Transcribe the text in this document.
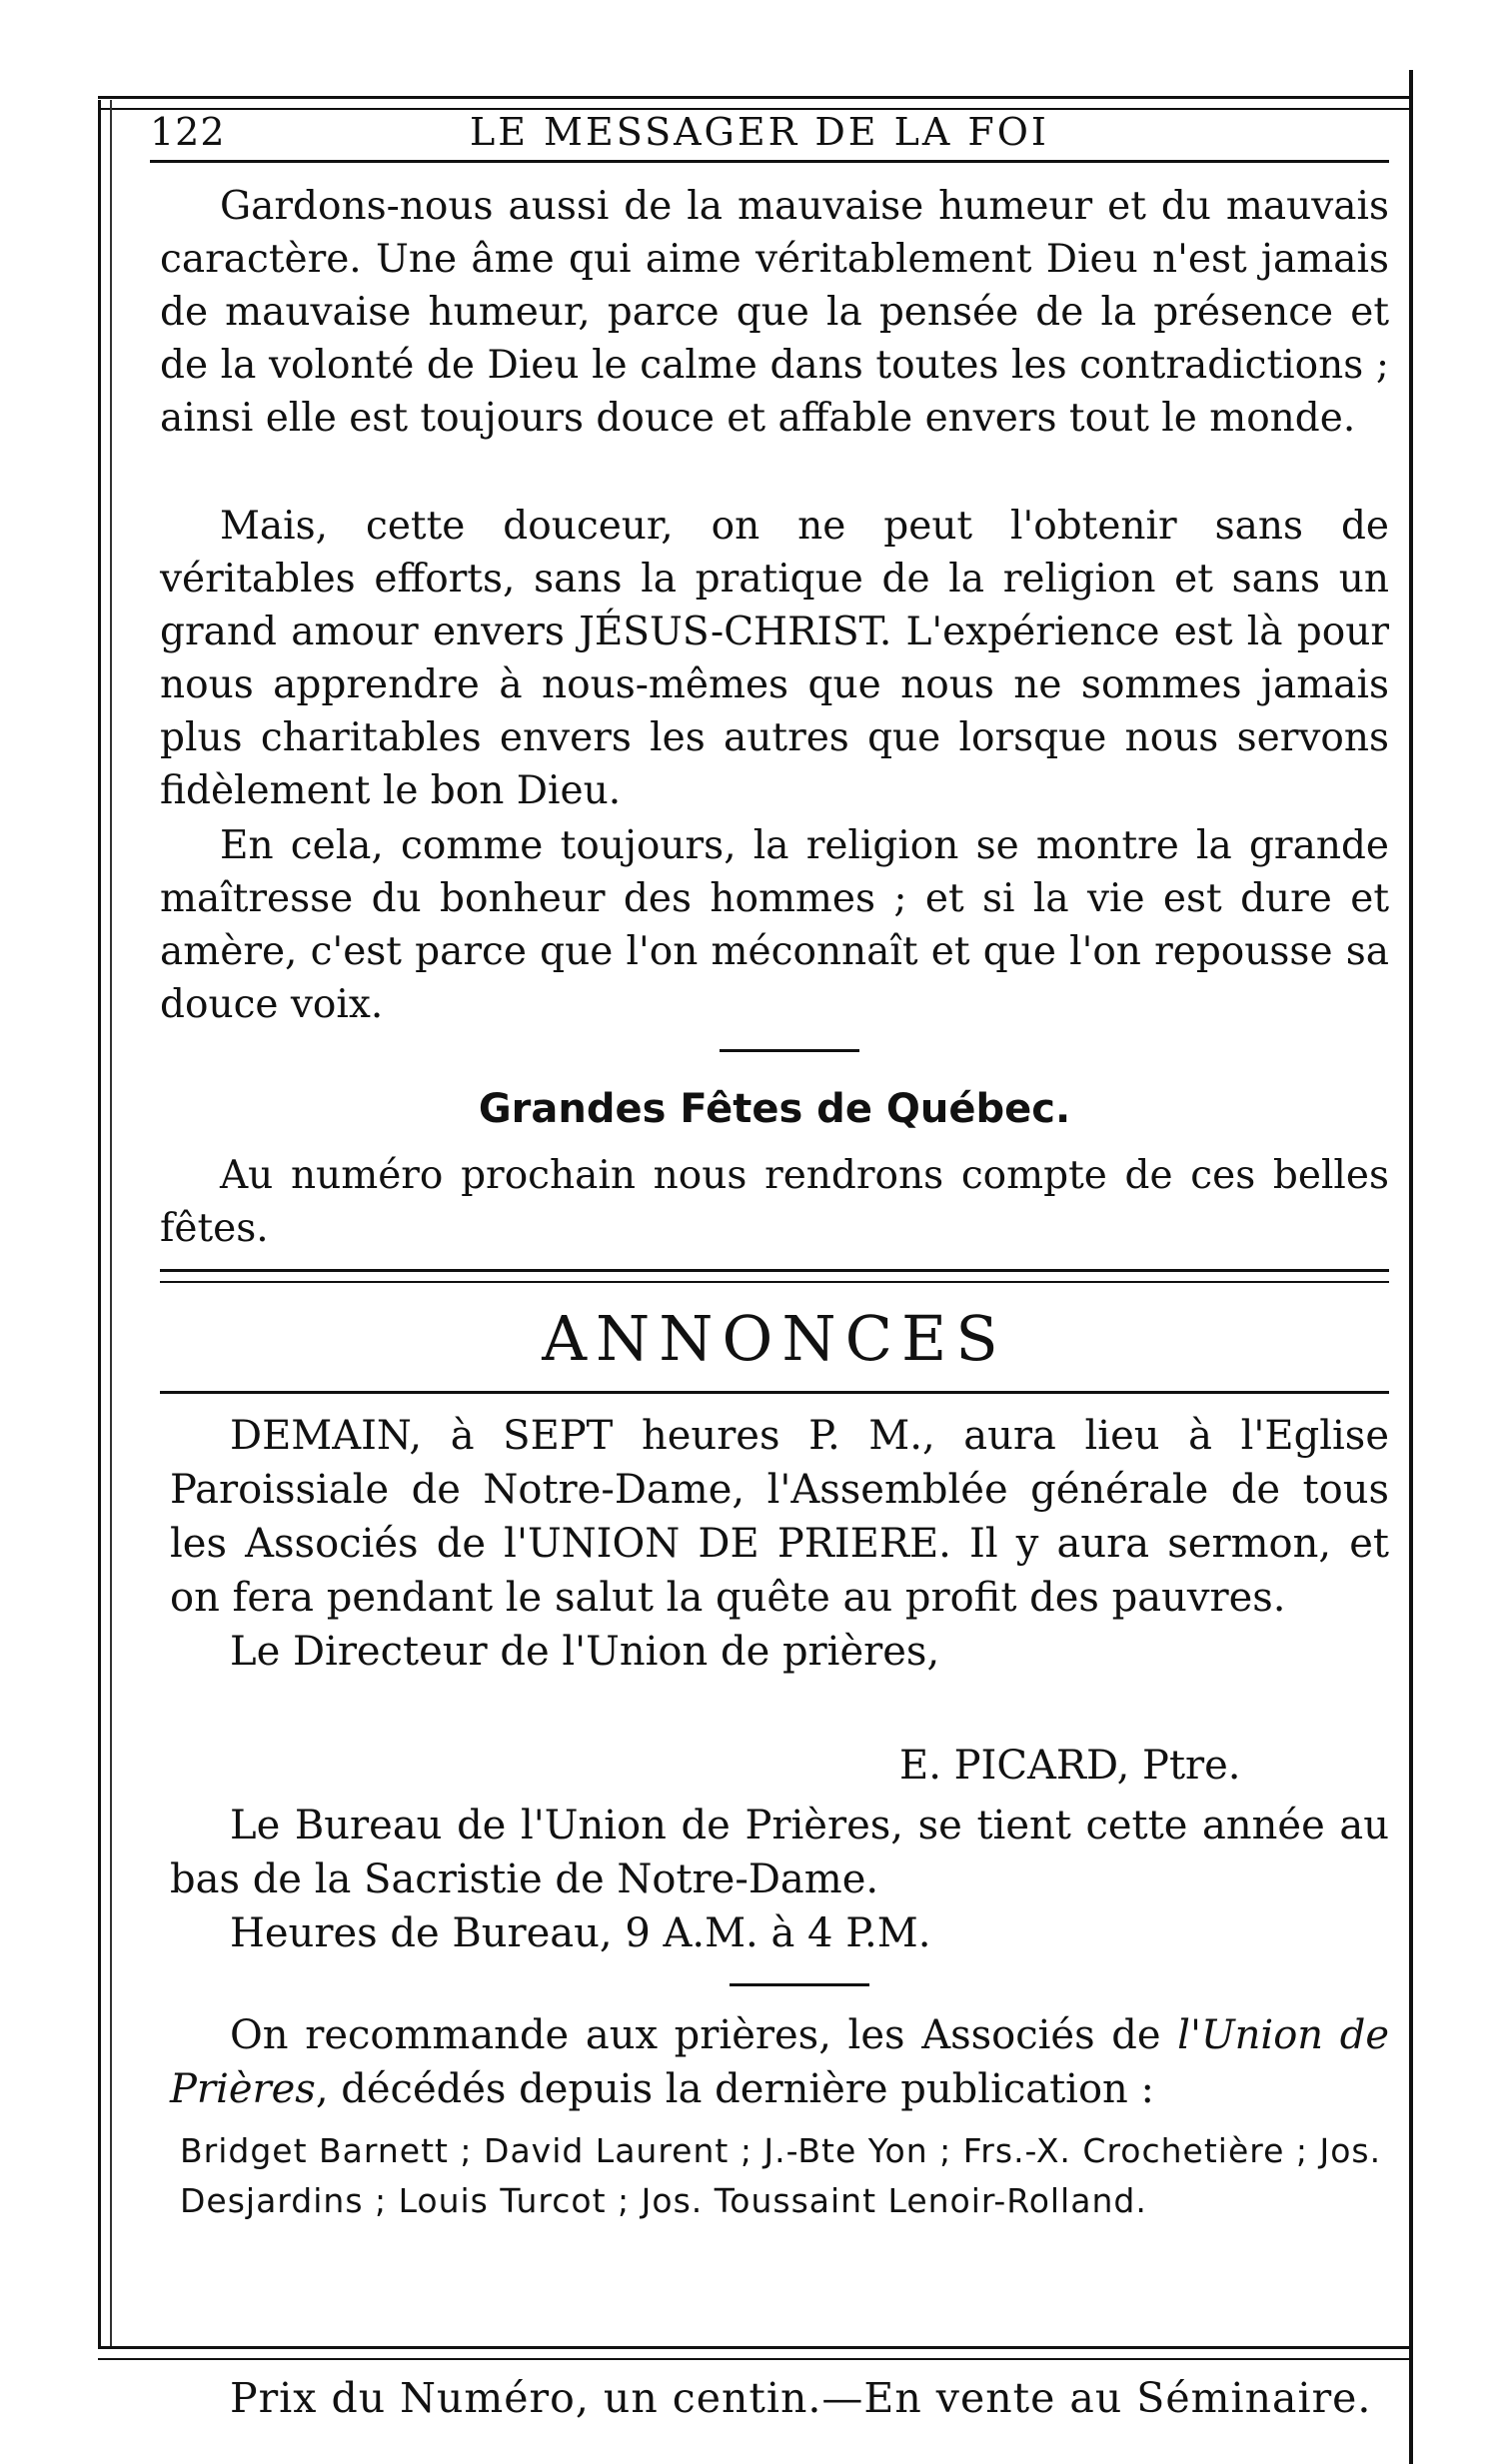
122	LE MESSAGER DE LA FOI

Gardons-nous aussi de la mauvaise humeur et du mauvais caractère. Une âme qui aime véritablement Dieu n'est jamais de mauvaise humeur, parce que la pensée de la présence et de la volonté de Dieu le calme dans toutes les contradictions ; ainsi elle est toujours douce et affable envers tout le monde.

Mais, cette douceur, on ne peut l'obtenir sans de véritables efforts, sans la pratique de la religion et sans un grand amour envers JÉSUS-CHRIST. L'expérience est là pour nous apprendre à nous-mêmes que nous ne sommes jamais plus charitables envers les autres que lorsque nous servons fidèlement le bon Dieu.

En cela, comme toujours, la religion se montre la grande maîtresse du bonheur des hommes ; et si la vie est dure et amère, c'est parce que l'on méconnaît et que l'on repousse sa douce voix.

Grandes Fêtes de Québec.

Au numéro prochain nous rendrons compte de ces belles fêtes.

ANNONCES

DEMAIN, à SEPT heures P. M., aura lieu à l'Eglise Paroissiale de Notre-Dame, l'Assemblée générale de tous les Associés de l'UNION DE PRIERE. Il y aura sermon, et on fera pendant le salut la quête au profit des pauvres.

Le Directeur de l'Union de prières,

E. PICARD, Ptre.

Le Bureau de l'Union de Prières, se tient cette année au bas de la Sacristie de Notre-Dame.

Heures de Bureau, 9 A.M. à 4 P.M.

On recommande aux prières, les Associés de l'Union de Prières, décédés depuis la dernière publication :

Bridget Barnett ; David Laurent ; J.-Bte Yon ; Frs.-X. Crochetière ; Jos. Desjardins ; Louis Turcot ; Jos. Toussaint Lenoir-Rolland.

Prix du Numéro, un centin.—En vente au Séminaire.
